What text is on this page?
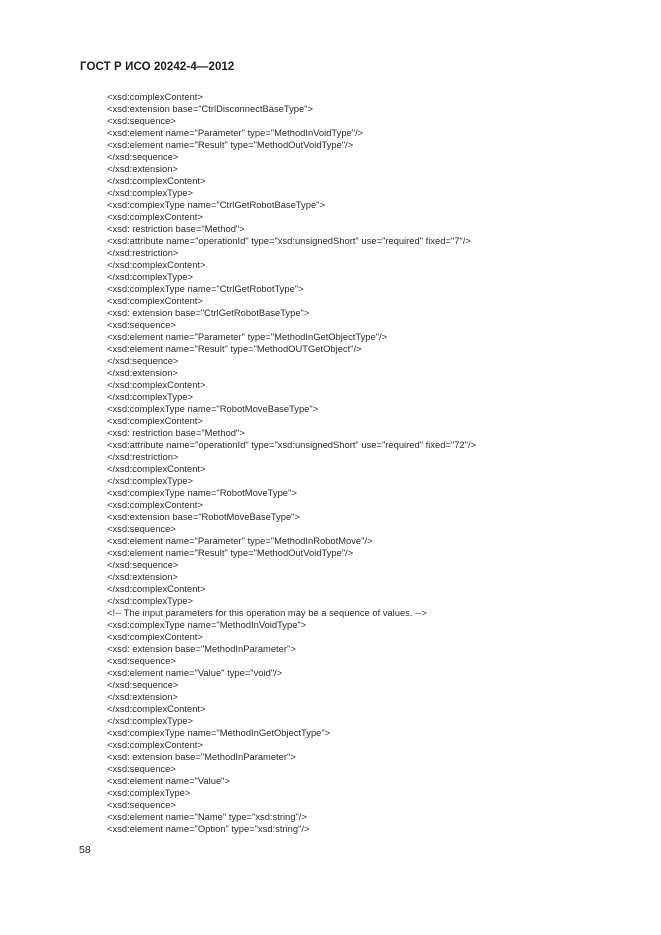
ГОСТ Р ИСО 20242-4—2012
<xsd:complexContent>
<xsd:extension base="CtrlDisconnectBaseType">
<xsd:sequence>
<xsd:element name="Parameter" type="MethodInVoidType"/>
<xsd:element name="Result" type="MethodOutVoidType"/>
</xsd:sequence>
</xsd:extension>
</xsd:complexContent>
</xsd:complexType>
<xsd:complexType name="CtrlGetRobotBaseType">
<xsd:complexContent>
<xsd: restriction base="Method">
<xsd:attribute name="operationId" type="xsd:unsignedShort" use="required" fixed="7"/>
</xsd:restriction>
</xsd:complexContent>
</xsd:complexType>
<xsd:complexType name="CtrlGetRobotType">
<xsd:complexContent>
<xsd: extension base="CtrlGetRobotBaseType">
<xsd:sequence>
<xsd:element name="Parameter" type="MethodInGetObjectType"/>
<xsd:element name="Result" type="MethodOUTGetObject"/>
</xsd:sequence>
</xsd:extension>
</xsd:complexContent>
</xsd:complexType>
<xsd:complexType name="RobotMoveBaseType">
<xsd:complexContent>
<xsd: restriction base="Method">
<xsd:attribute name="operationId" type="xsd:unsignedShort" use="required" fixed="72"/>
</xsd:restriction>
</xsd:complexContent>
</xsd:complexType>
<xsd:complexType name="RobotMoveType">
<xsd:complexContent>
<xsd:extension base="RobotMoveBaseType">
<xsd:sequence>
<xsd:element name="Parameter" type="MethodInRobotMove"/>
<xsd:element name="Result" type="MethodOutVoidType"/>
</xsd:sequence>
</xsd:extension>
</xsd:complexContent>
</xsd:complexType>
<!-- The input parameters for this operation may be a sequence of values. -->
<xsd:complexType name="MethodInVoidType">
<xsd:complexContent>
<xsd: extension base="MethodInParameter">
<xsd:sequence>
<xsd:element name="Value" type="void"/>
</xsd:sequence>
</xsd:extension>
</xsd:complexContent>
</xsd:complexType>
<xsd:complexType name="MethodInGetObjectType">
<xsd:complexContent>
<xsd: extension base="MethodInParameter">
<xsd:sequence>
<xsd:element name="Value">
<xsd:complexType>
<xsd:sequence>
<xsd:element name="Name" type="xsd:string"/>
<xsd:element name="Option" type="xsd:string"/>
58
